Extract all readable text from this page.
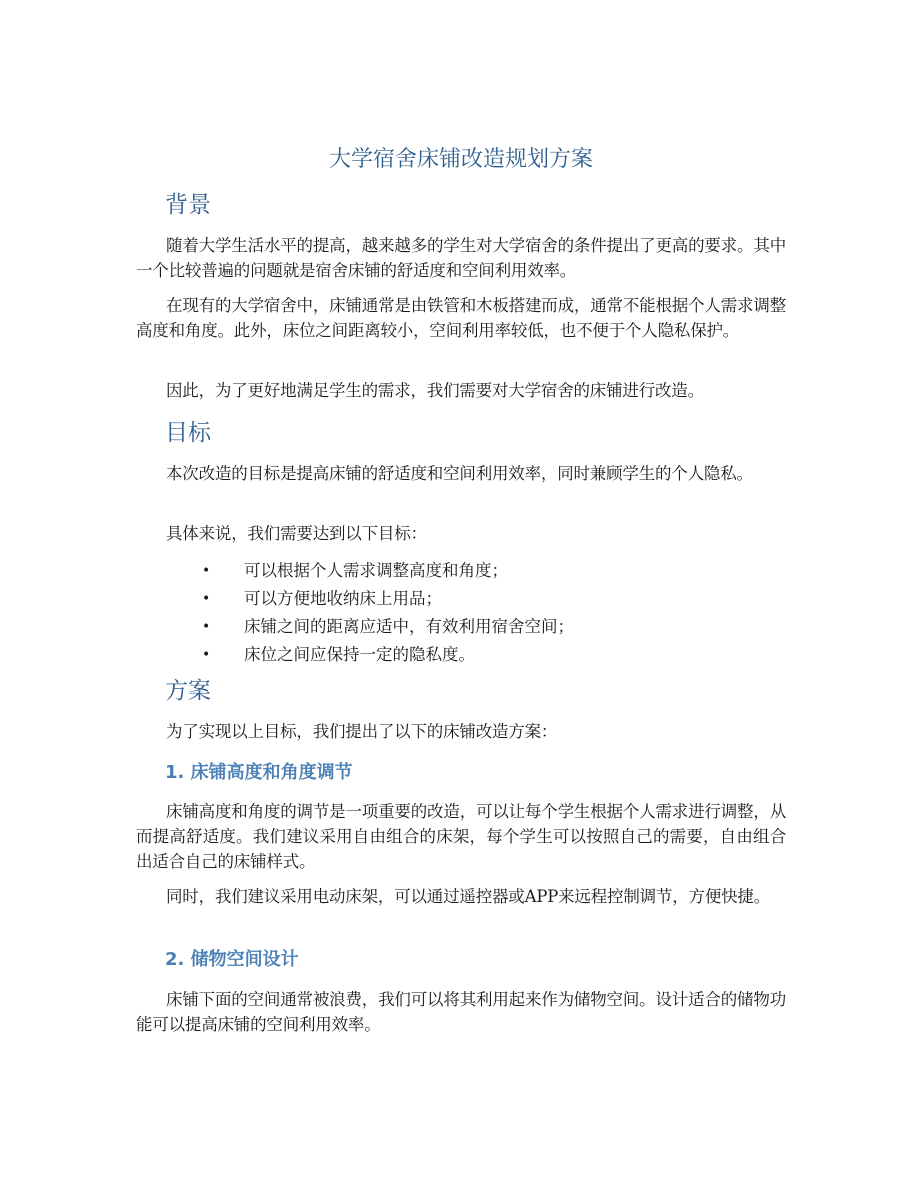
大学宿舍床铺改造规划方案
背景

随着大学生活水平的提高，越来越多的学生对大学宿舍的条件提出了更高的要求。其中一个比较普遍的问题就是宿舍床铺的舒适度和空间利用效率。

在现有的大学宿舍中，床铺通常是由铁管和木板搭建而成，通常不能根据个人需求调整高度和角度。此外，床位之间距离较小，空间利用率较低，也不便于个人隐私保护。

因此，为了更好地满足学生的需求，我们需要对大学宿舍的床铺进行改造。

目标

本次改造的目标是提高床铺的舒适度和空间利用效率，同时兼顾学生的个人隐私。

具体来说，我们需要达到以下目标：

• 可以根据个人需求调整高度和角度；
• 可以方便地收纳床上用品；
• 床铺之间的距离应适中，有效利用宿舍空间；
• 床位之间应保持一定的隐私度。
方案

为了实现以上目标，我们提出了以下的床铺改造方案：

1. 床铺高度和角度调节

床铺高度和角度的调节是一项重要的改造，可以让每个学生根据个人需求进行调整，从而提高舒适度。我们建议采用自由组合的床架，每个学生可以按照自己的需要，自由组合出适合自己的床铺样式。

同时，我们建议采用电动床架，可以通过遥控器或APP来远程控制调节，方便快捷。

2. 储物空间设计

床铺下面的空间通常被浪费，我们可以将其利用起来作为储物空间。设计适合的储物功能可以提高床铺的空间利用效率。
